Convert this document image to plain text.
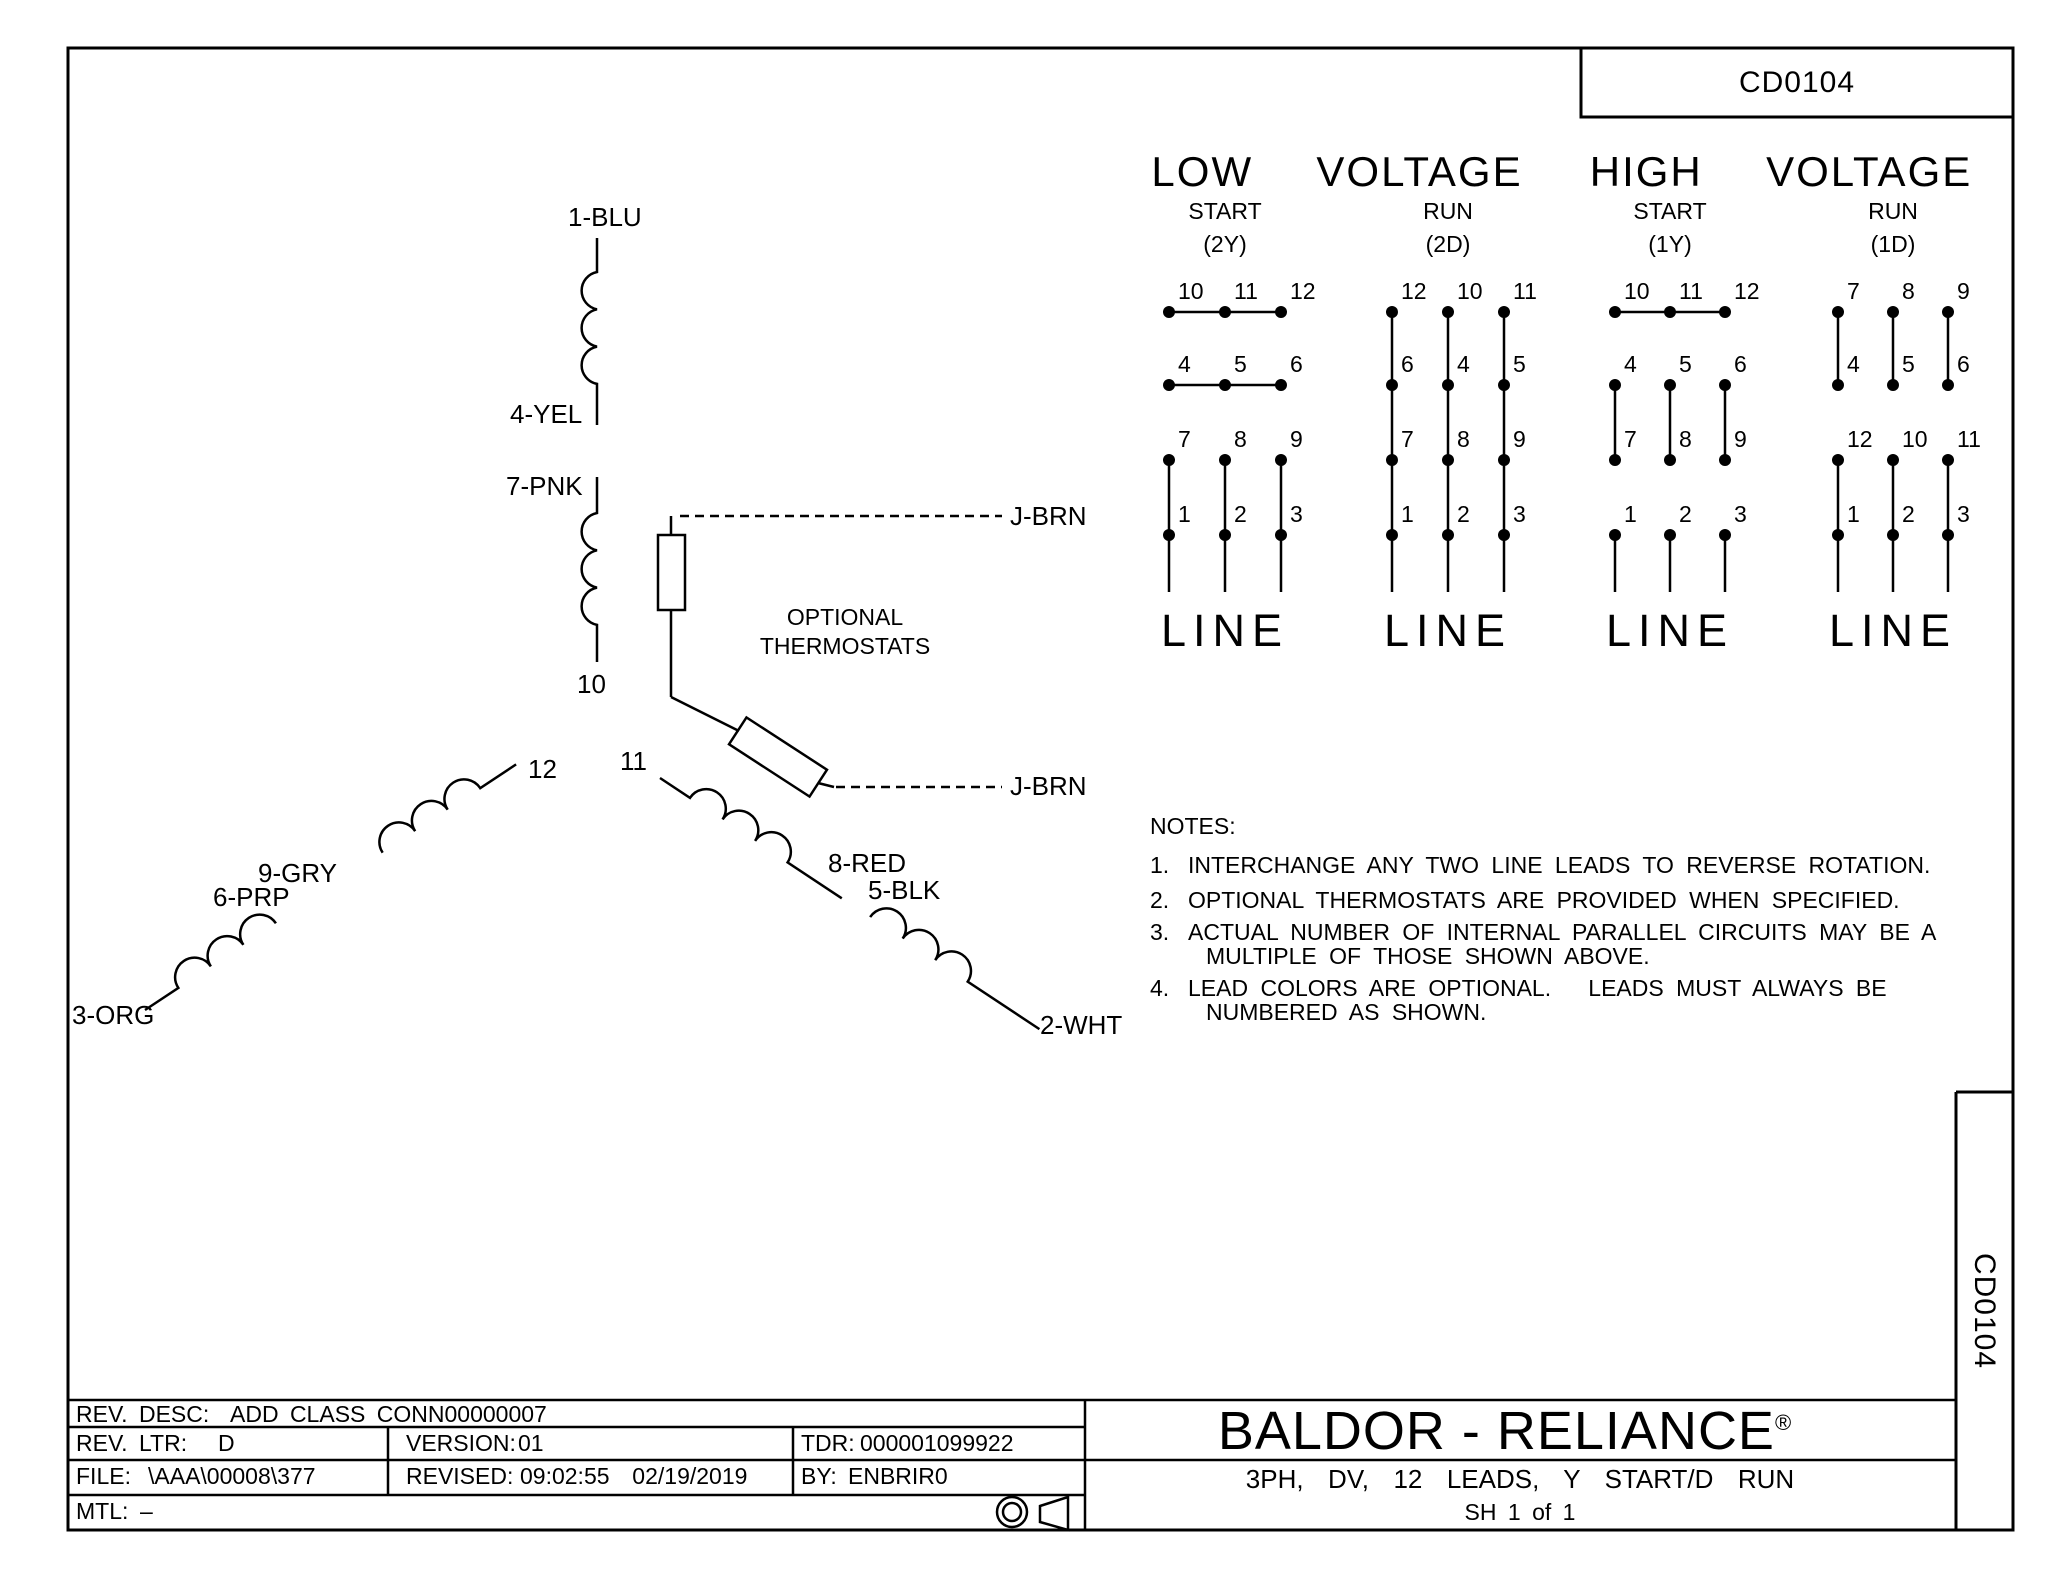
CD0104
CD0104
LOW  VOLTAGE HIGH  VOLTAGE
START
(2Y)
RUN
(2D)
START
(1Y)
RUN
(1D)
10 11 12
4 5 6
7 8 9
1 2 3
12 10 11
6 4 5
7 8 9
1 2 3
10 11 12
4 5 6
7 8 9
1 2 3
7 8 9
4 5 6
12 10 11
1 2 3
LINE LINE LINE LINE
1-BLU
4-YEL
7-PNK
10
3-ORG
6-PRP
9-GRY
12 11
8-RED
5-BLK
2-WHT
J-BRN
J-BRN
OPTIONAL
THERMOSTATS
NOTES:
1. INTERCHANGE ANY TWO LINE LEADS TO REVERSE ROTATION.
2. OPTIONAL THERMOSTATS ARE PROVIDED WHEN SPECIFIED.
3. ACTUAL NUMBER OF INTERNAL PARALLEL CIRCUITS MAY BE A
MULTIPLE OF THOSE SHOWN ABOVE.
4. LEAD COLORS ARE OPTIONAL.   LEADS MUST ALWAYS BE
NUMBERED AS SHOWN.
REV. DESC: ADD CLASS CONN00000007
REV. LTR: D	VERSION: 01	TDR: 000001099922
FILE: \AAA\00008\377	REVISED: 09:02:55  02/19/2019 BY: ENBRIR0
MTL: –
BALDOR - RELIANCE®
3PH,  DV,  12  LEADS,  Y  START/D  RUN
SH 1 of 1
